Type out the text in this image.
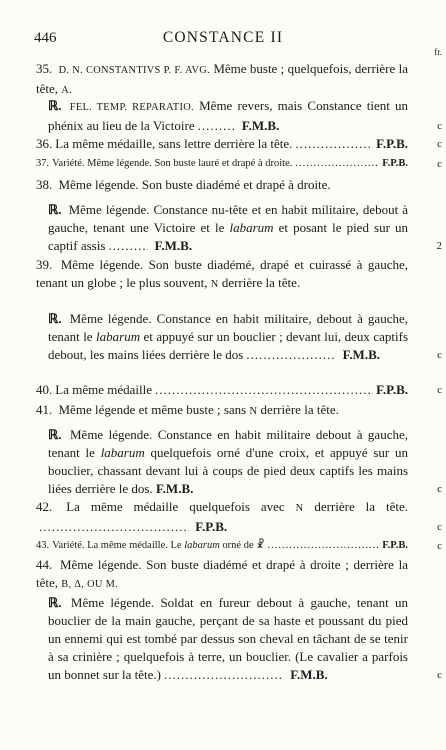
446	CONSTANCE II
fr.
35. D. N. CONSTANTIVS P. F. AVG. Même buste ; quelquefois, derrière la tête, A.
ℝ. FEL. TEMP. REPARATIO. Même revers, mais Constance tient un phénix au lieu de la Victoire .....	F.M.B.	c
36. La même médaille, sans lettre derrière la tête. .....	F.P.B.	c
37. Variété. Même légende. Son buste lauré et drapé à droite. .....	F.P.B.	c
38. Même légende. Son buste diadémé et drapé à droite.
ℝ. Même légende. Constance nu-tête et en habit militaire, debout à gauche, tenant une Victoire et le labarum et posant le pied sur un captif assis .....	F.M.B.	2
39. Même légende. Son buste diadémé, drapé et cuirassé à gauche, tenant un globe ; le plus souvent, N derrière la tête.
ℝ. Même légende. Constance en habit militaire, debout à gauche, tenant le labarum et appuyé sur un bouclier ; devant lui, deux captifs debout, les mains liées derrière le dos.....	F.M.B.	c
40. La même médaille .....	F.P.B.	c
41. Même légende et même buste ; sans N derrière la tête.
ℝ. Même légende. Constance en habit militaire debout à gauche, tenant le labarum quelquefois orné d'une croix, et appuyé sur un bouclier, chassant devant lui à coups de pied deux captifs les mains liées derrière le dos. F.M.B.	c
42. La même médaille quelquefois avec N derrière la tête...... F.P.B.	c
43. Variété. La même médaille. Le labarum orné de ☧ .....	F.P.B.	c
44. Même légende. Son buste diadémé et drapé à droite ; derrière la tête, B, Δ, OU M.
ℝ. Même légende. Soldat en fureur debout à gauche, tenant un bouclier de la main gauche, perçant de sa haste et poussant du pied un ennemi qui est tombé par dessus son cheval en tâchant de se tenir à sa crinière ; quelquefois à terre, un bouclier. (Le cavalier a parfois un bonnet sur la tête.) .....	F.M.B.	c
